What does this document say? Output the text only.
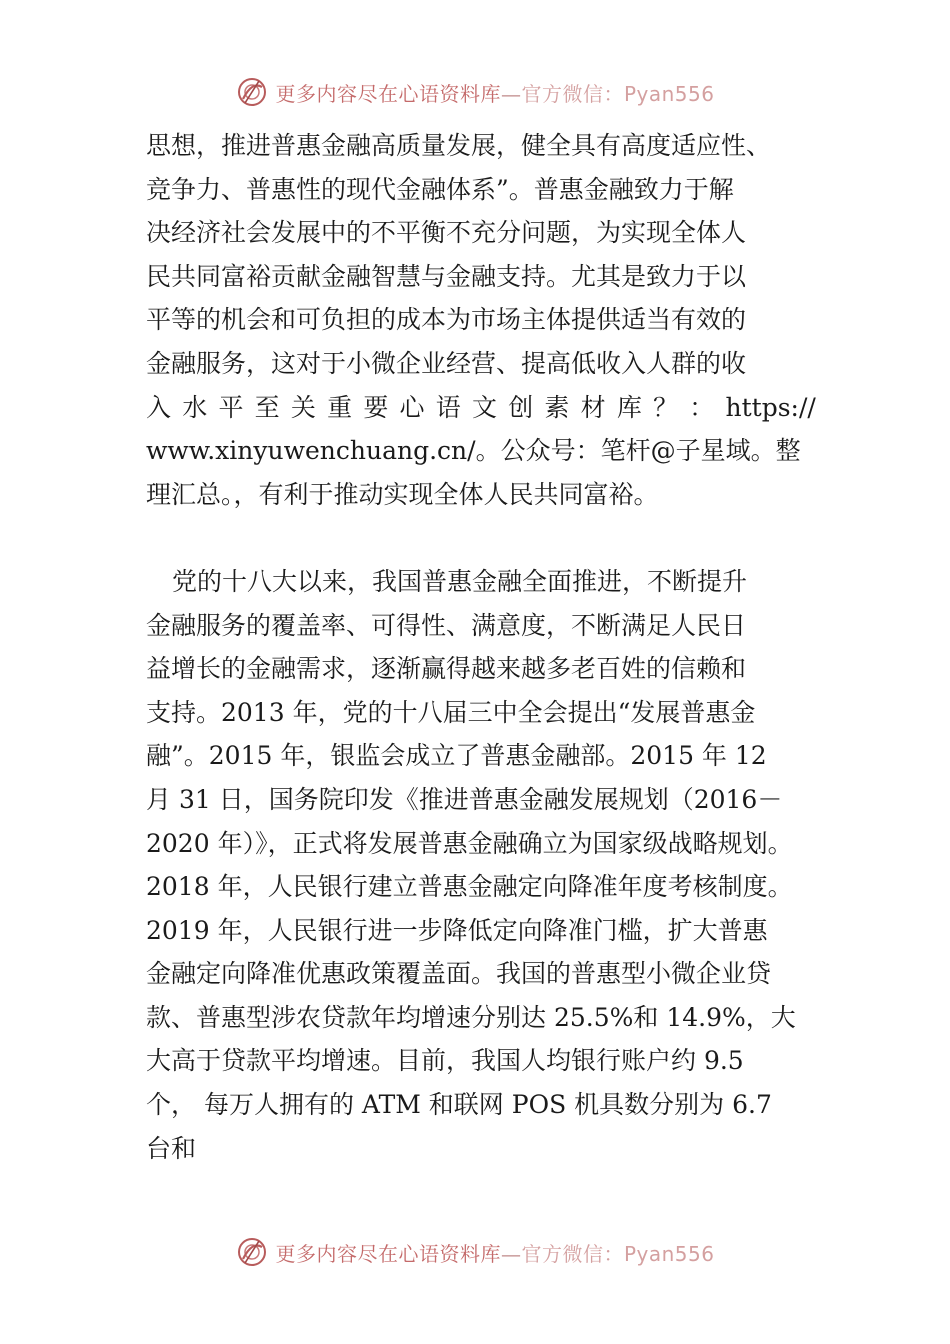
更多内容尽在心语资料库—官方微信：Pyan556
思想，推进普惠金融高质量发展，健全具有高度适应性、
竞争力、普惠性的现代金融体系”。普惠金融致力于解
决经济社会发展中的不平衡不充分问题，为实现全体人
民共同富裕贡献金融智慧与金融支持。尤其是致力于以
平等的机会和可负担的成本为市场主体提供适当有效的
金融服务，这对于小微企业经营、提高低收入人群的收
入 水 平 至 关 重 要 心 语 文 创 素 材 库 ？ ： https://
www.xinyuwenchuang.cn/。公众号：笔杆@子星域。整
理汇总。，有利于推动实现全体人民共同富裕。
党的十八大以来，我国普惠金融全面推进，不断提升
金融服务的覆盖率、可得性、满意度，不断满足人民日
益增长的金融需求，逐渐赢得越来越多老百姓的信赖和
支持。2013 年，党的十八届三中全会提出“发展普惠金
融”。2015 年，银监会成立了普惠金融部。2015 年 12
月 31 日，国务院印发《推进普惠金融发展规划（2016－
2020 年）》，正式将发展普惠金融确立为国家级战略规划。
2018 年，人民银行建立普惠金融定向降准年度考核制度。
2019 年，人民银行进一步降低定向降准门槛，扩大普惠
金融定向降准优惠政策覆盖面。我国的普惠型小微企业贷
款、普惠型涉农贷款年均增速分别达 25.5%和 14.9%，大
大高于贷款平均增速。目前，我国人均银行账户约 9.5
个， 每万人拥有的 ATM 和联网 POS 机具数分别为 6.7
台和
更多内容尽在心语资料库—官方微信：Pyan556
